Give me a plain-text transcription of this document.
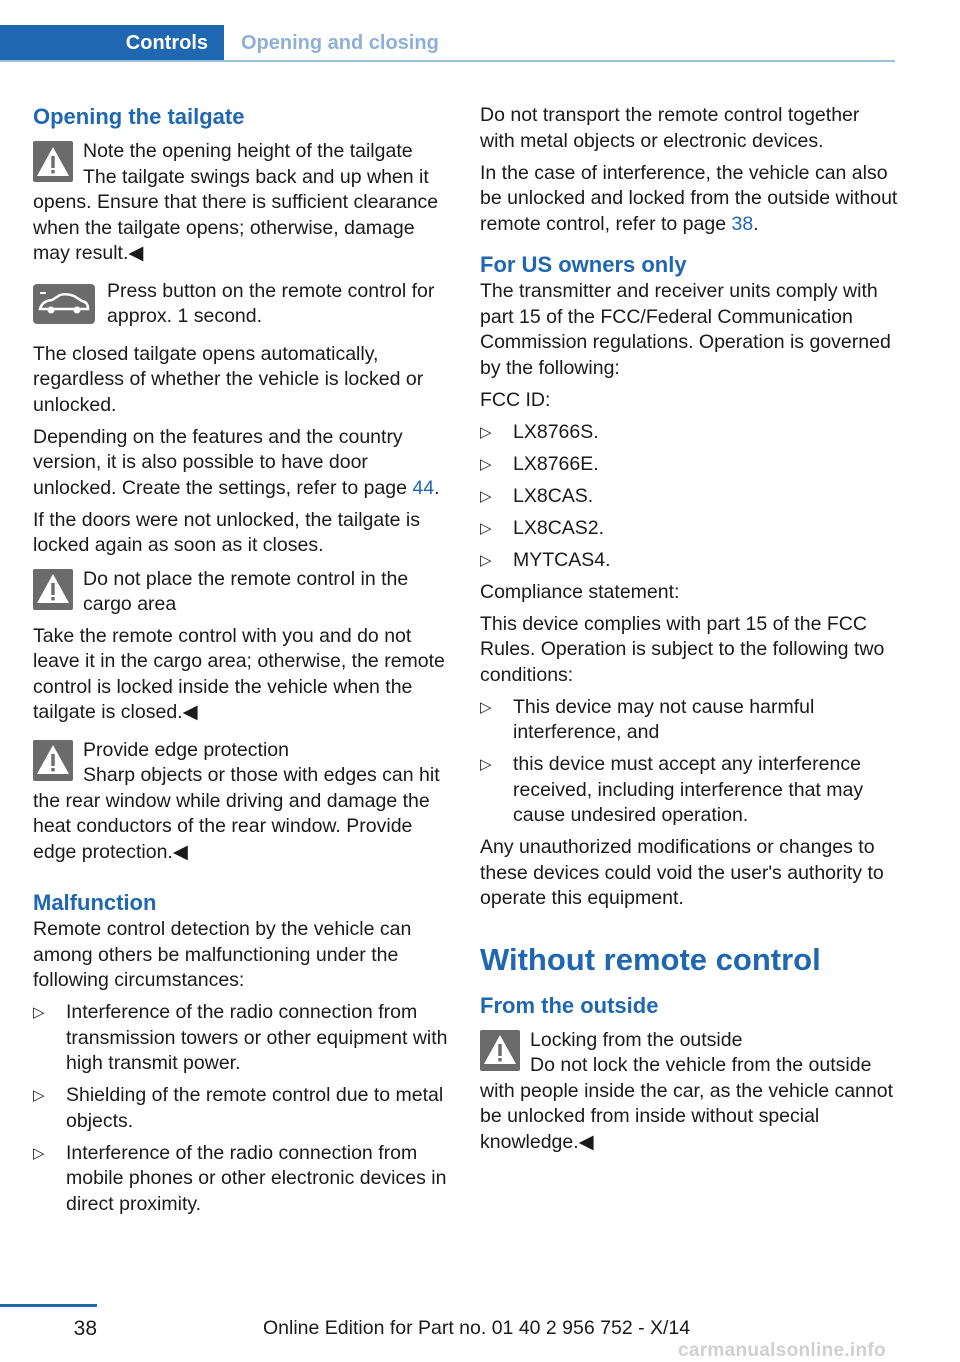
Controls	Opening and closing
Opening the tailgate

Note the opening height of the tailgate

The tailgate swings back and up when it opens. Ensure that there is sufficient clearance when the tailgate opens; otherwise, damage may result.◀

Press button on the remote control for approx. 1 second.

The closed tailgate opens automatically, regardless of whether the vehicle is locked or unlocked.

Depending on the features and the country version, it is also possible to have door unlocked. Create the settings, refer to page 44.

If the doors were not unlocked, the tailgate is locked again as soon as it closes.

Do not place the remote control in the cargo area

Take the remote control with you and do not leave it in the cargo area; otherwise, the remote control is locked inside the vehicle when the tailgate is closed.◀

Provide edge protection

Sharp objects or those with edges can hit the rear window while driving and damage the heat conductors of the rear window. Provide edge protection.◀

Malfunction

Remote control detection by the vehicle can among others be malfunctioning under the following circumstances:

▷ Interference of the radio connection from transmission towers or other equipment with high transmit power.
▷ Shielding of the remote control due to metal objects.
▷ Interference of the radio connection from mobile phones or other electronic devices in direct proximity.

Do not transport the remote control together with metal objects or electronic devices.

In the case of interference, the vehicle can also be unlocked and locked from the outside without remote control, refer to page 38.

For US owners only

The transmitter and receiver units comply with part 15 of the FCC/Federal Communication Commission regulations. Operation is governed by the following:

FCC ID:

▷ LX8766S.
▷ LX8766E.
▷ LX8CAS.
▷ LX8CAS2.
▷ MYTCAS4.

Compliance statement:

This device complies with part 15 of the FCC Rules. Operation is subject to the following two conditions:

▷ This device may not cause harmful interference, and
▷ this device must accept any interference received, including interference that may cause undesired operation.

Any unauthorized modifications or changes to these devices could void the user's authority to operate this equipment.

Without remote control
From the outside

Locking from the outside

Do not lock the vehicle from the outside with people inside the car, as the vehicle cannot be unlocked from inside without special knowledge.◀

38	Online Edition for Part no. 01 40 2 956 752 - X/14
carmanualsonline.info
